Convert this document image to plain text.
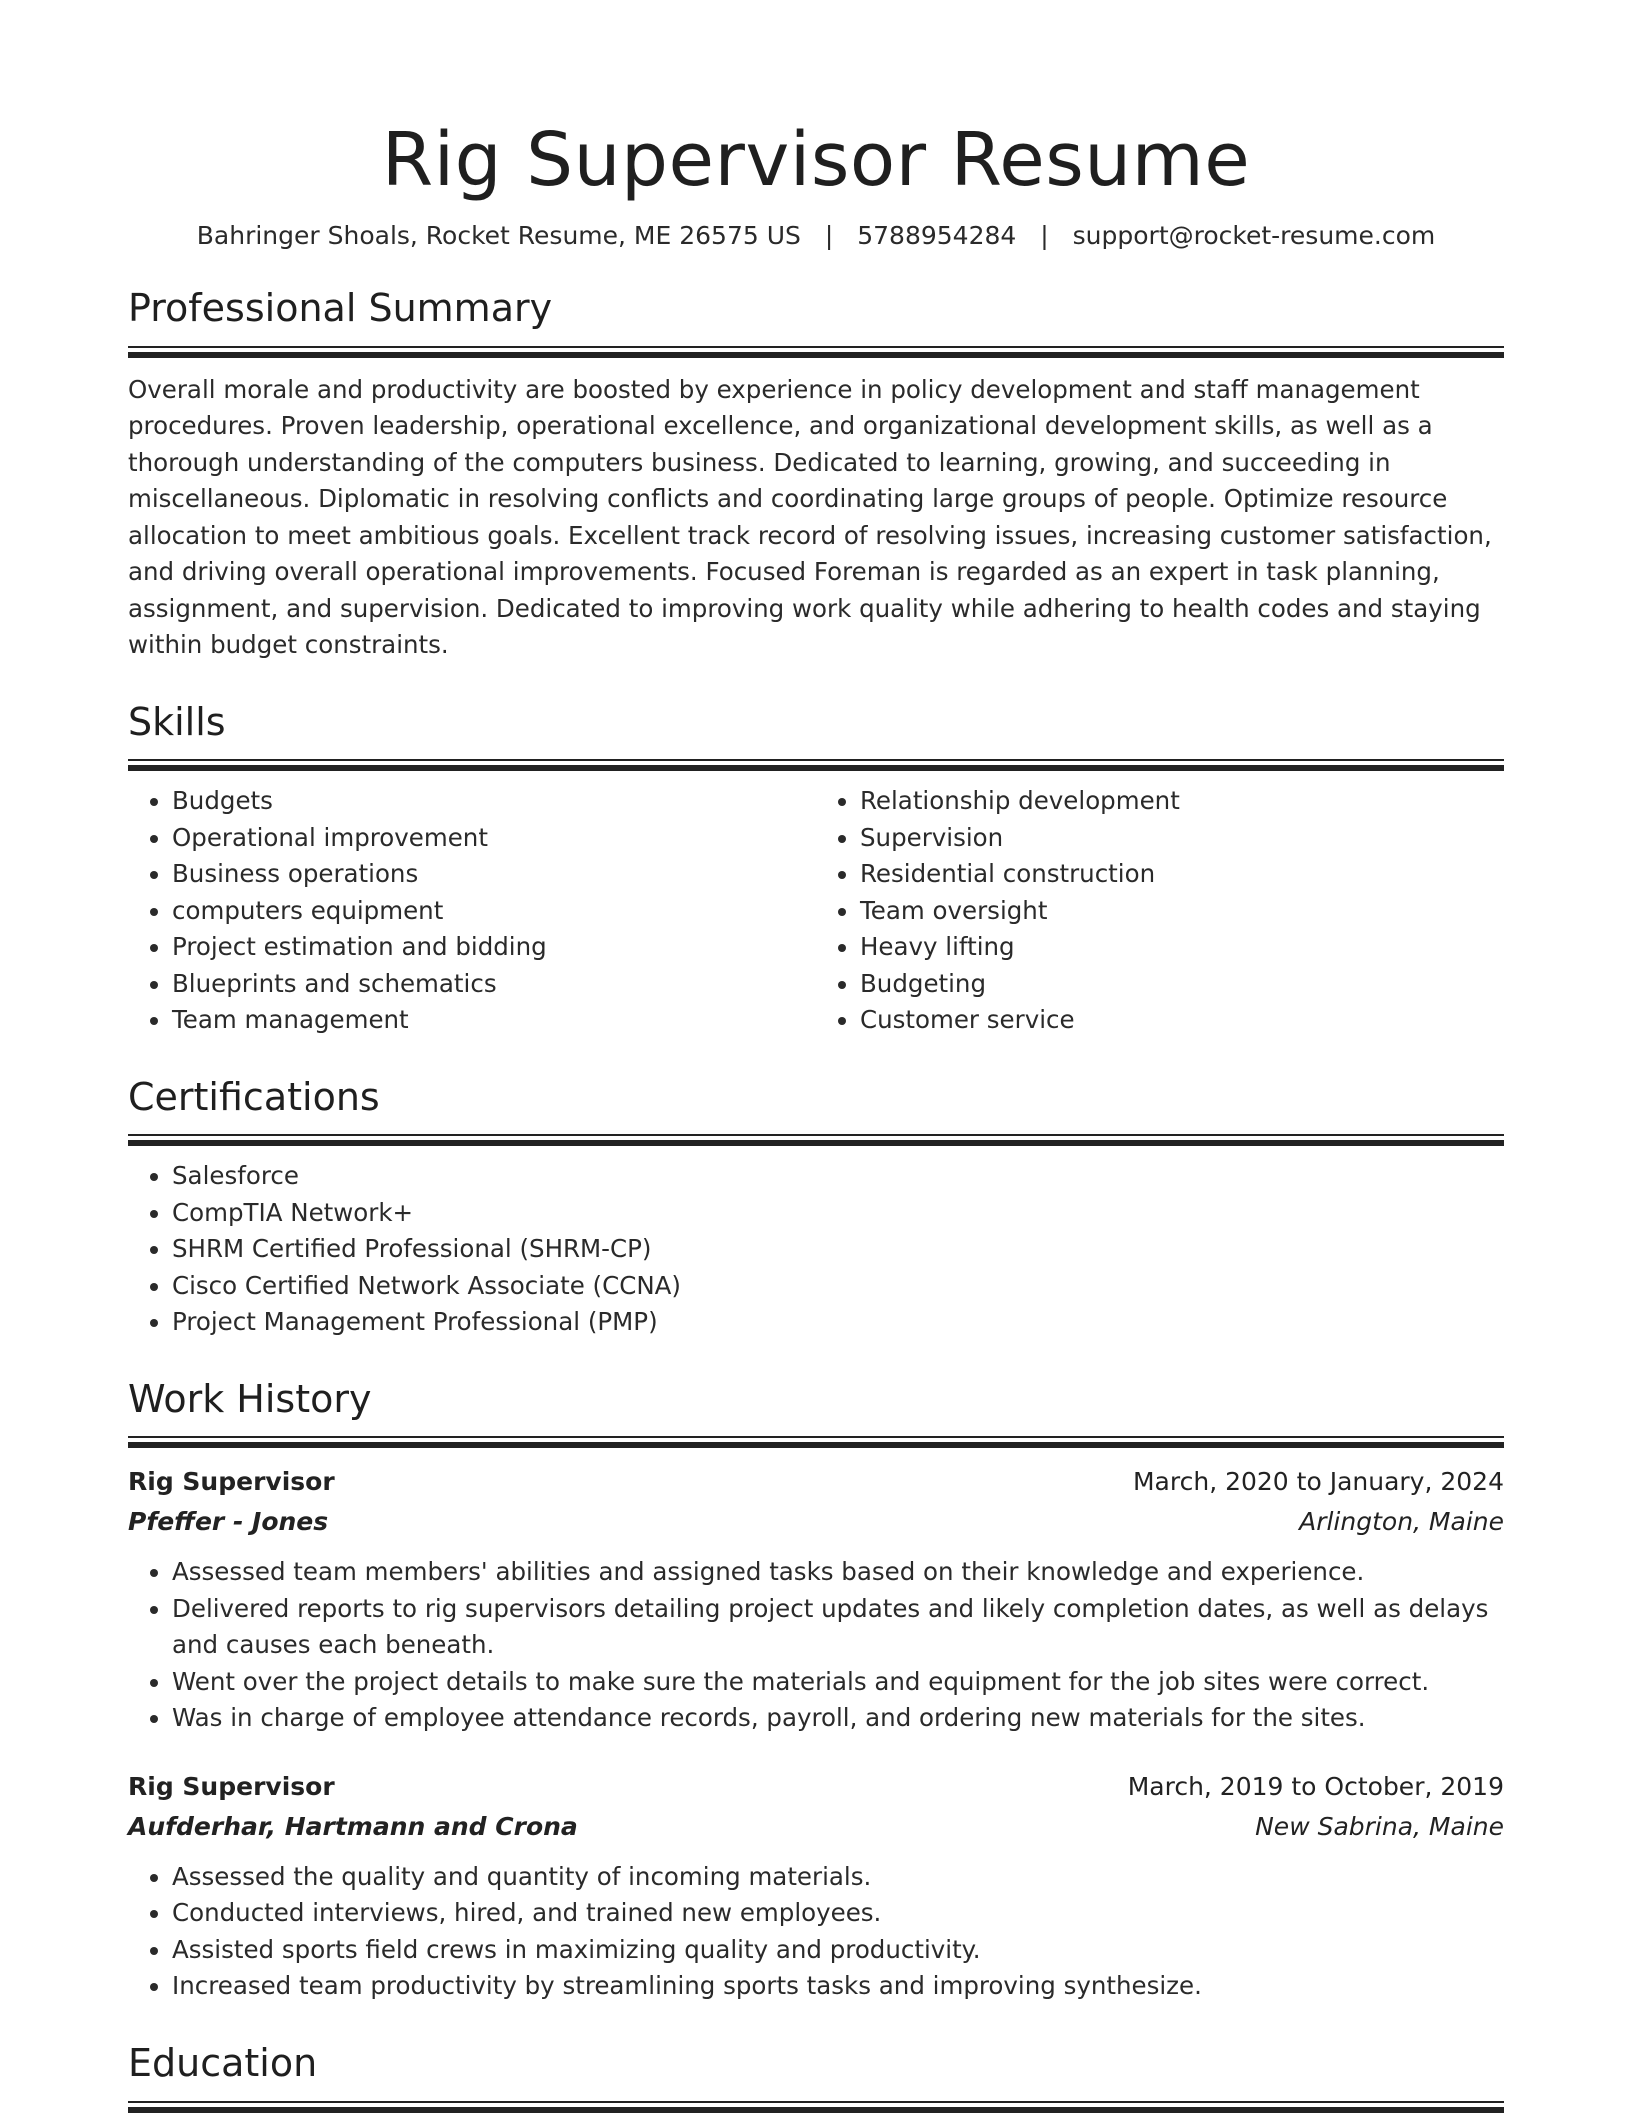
Rig Supervisor Resume
Bahringer Shoals, Rocket Resume, ME 26575 US | 5788954284 | support@rocket-resume.com
Professional Summary

Overall morale and productivity are boosted by experience in policy development and staff management procedures. Proven leadership, operational excellence, and organizational development skills, as well as a thorough understanding of the computers business. Dedicated to learning, growing, and succeeding in miscellaneous. Diplomatic in resolving conflicts and coordinating large groups of people. Optimize resource allocation to meet ambitious goals. Excellent track record of resolving issues, increasing customer satisfaction, and driving overall operational improvements. Focused Foreman is regarded as an expert in task planning, assignment, and supervision. Dedicated to improving work quality while adhering to health codes and staying within budget constraints.

Skills
• Budgets
• Operational improvement
• Business operations
• computers equipment
• Project estimation and bidding
• Blueprints and schematics
• Team management
• Relationship development
• Supervision
• Residential construction
• Team oversight
• Heavy lifting
• Budgeting
• Customer service
Certifications
• Salesforce
• CompTIA Network+
• SHRM Certified Professional (SHRM-CP)
• Cisco Certified Network Associate (CCNA)
• Project Management Professional (PMP)
Work History
Rig Supervisor	March, 2020 to January, 2024
Pfeffer - Jones	Arlington, Maine
• Assessed team members' abilities and assigned tasks based on their knowledge and experience.
• Delivered reports to rig supervisors detailing project updates and likely completion dates, as well as delays and causes each beneath.
• Went over the project details to make sure the materials and equipment for the job sites were correct.
• Was in charge of employee attendance records, payroll, and ordering new materials for the sites.
Rig Supervisor	March, 2019 to October, 2019
Aufderhar, Hartmann and Crona	New Sabrina, Maine
• Assessed the quality and quantity of incoming materials.
• Conducted interviews, hired, and trained new employees.
• Assisted sports field crews in maximizing quality and productivity.
• Increased team productivity by streamlining sports tasks and improving synthesize.
Education
